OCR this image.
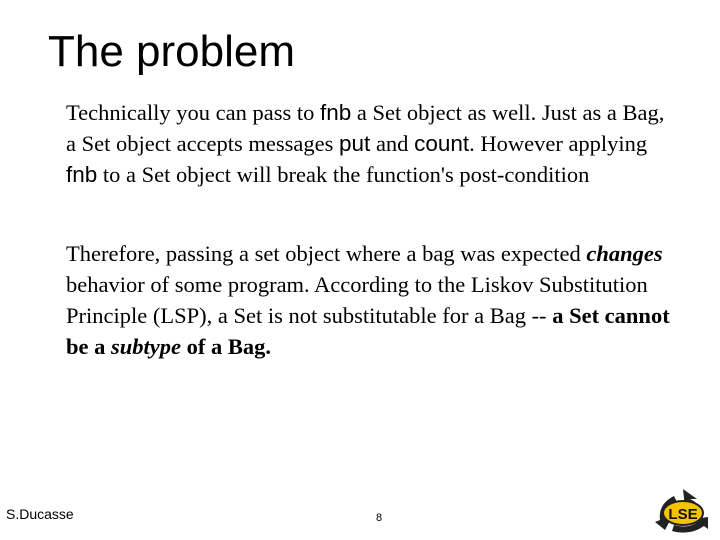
The problem
Technically you can pass to fnb a Set object as well. Just as a Bag, a Set object accepts messages put and count. However applying fnb to a Set object will break the function's post-condition
Therefore, passing a set object where a bag was expected changes behavior of some program. According to the Liskov Substitution Principle (LSP), a Set is not substitutable for a Bag -- a Set cannot be a subtype of a Bag.
S.Ducasse	8	LSE
